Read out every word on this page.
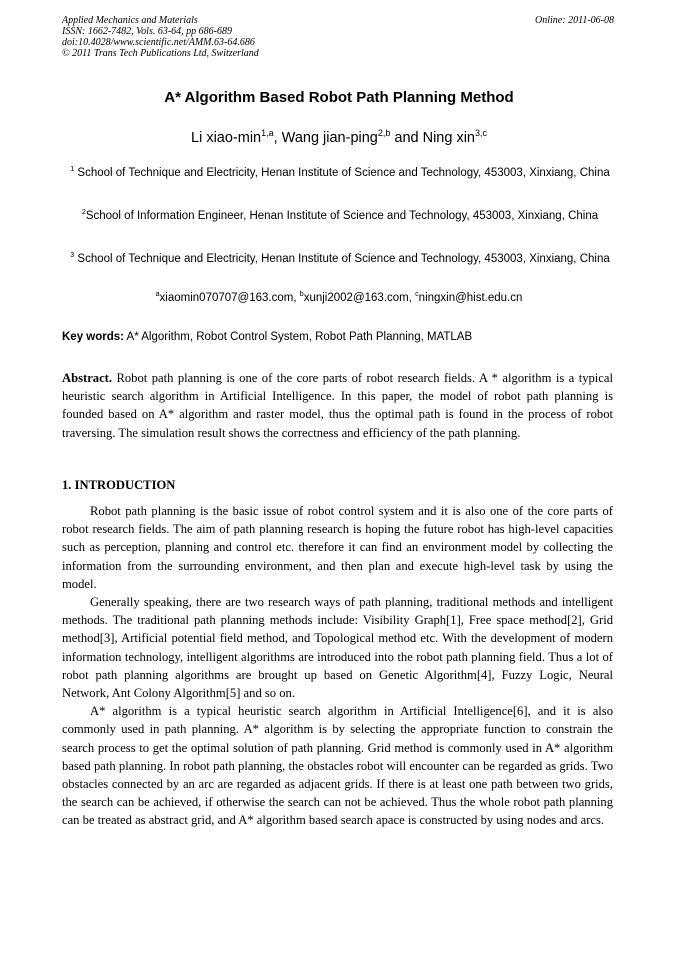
Applied Mechanics and Materials
ISSN: 1662-7482, Vols. 63-64, pp 686-689
doi:10.4028/www.scientific.net/AMM.63-64.686
© 2011 Trans Tech Publications Ltd, Switzerland
Online: 2011-06-08
A* Algorithm Based Robot Path Planning Method
Li xiao-$\min^{1,a}$, Wang jian-ping$^{2,b}$ and Ning xin$^{3,c}$
$^1$ School of Technique and Electricity, Henan Institute of Science and Technology, 453003, Xinxiang, China
$^2$School of Information Engineer, Henan Institute of Science and Technology, 453003, Xinxiang, China
$^3$ School of Technique and Electricity, Henan Institute of Science and Technology, 453003, Xinxiang, China
$^a$xiaomin070707@163.com, $^b$xunji2002@163.com, $^c$ningxin@hist.edu.cn
Key words: A* Algorithm, Robot Control System, Robot Path Planning, MATLAB
Abstract. Robot path planning is one of the core parts of robot research fields. A * algorithm is a typical heuristic search algorithm in Artificial Intelligence. In this paper, the model of robot path planning is founded based on A* algorithm and raster model, thus the optimal path is found in the process of robot traversing. The simulation result shows the correctness and efficiency of the path planning.
1. INTRODUCTION

Robot path planning is the basic issue of robot control system and it is also one of the core parts of robot research fields. The aim of path planning research is hoping the future robot has high-level capacities such as perception, planning and control etc. therefore it can find an environment model by collecting the information from the surrounding environment, and then plan and execute high-level task by using the model.

Generally speaking, there are two research ways of path planning, traditional methods and intelligent methods. The traditional path planning methods include: Visibility Graph[1], Free space method[2], Grid method[3], Artificial potential field method, and Topological method etc. With the development of modern information technology, intelligent algorithms are introduced into the robot path planning field. Thus a lot of robot path planning algorithms are brought up based on Genetic Algorithm[4], Fuzzy Logic, Neural Network, Ant Colony Algorithm[5] and so on.

A* algorithm is a typical heuristic search algorithm in Artificial Intelligence[6], and it is also commonly used in path planning. A* algorithm is by selecting the appropriate function to constrain the search process to get the optimal solution of path planning. Grid method is commonly used in A* algorithm based path planning. In robot path planning, the obstacles robot will encounter can be regarded as grids. Two obstacles connected by an arc are regarded as adjacent grids. If there is at least one path between two grids, the search can be achieved, if otherwise the search can not be achieved. Thus the whole robot path planning can be treated as abstract grid, and A* algorithm based search apace is constructed by using nodes and arcs.
